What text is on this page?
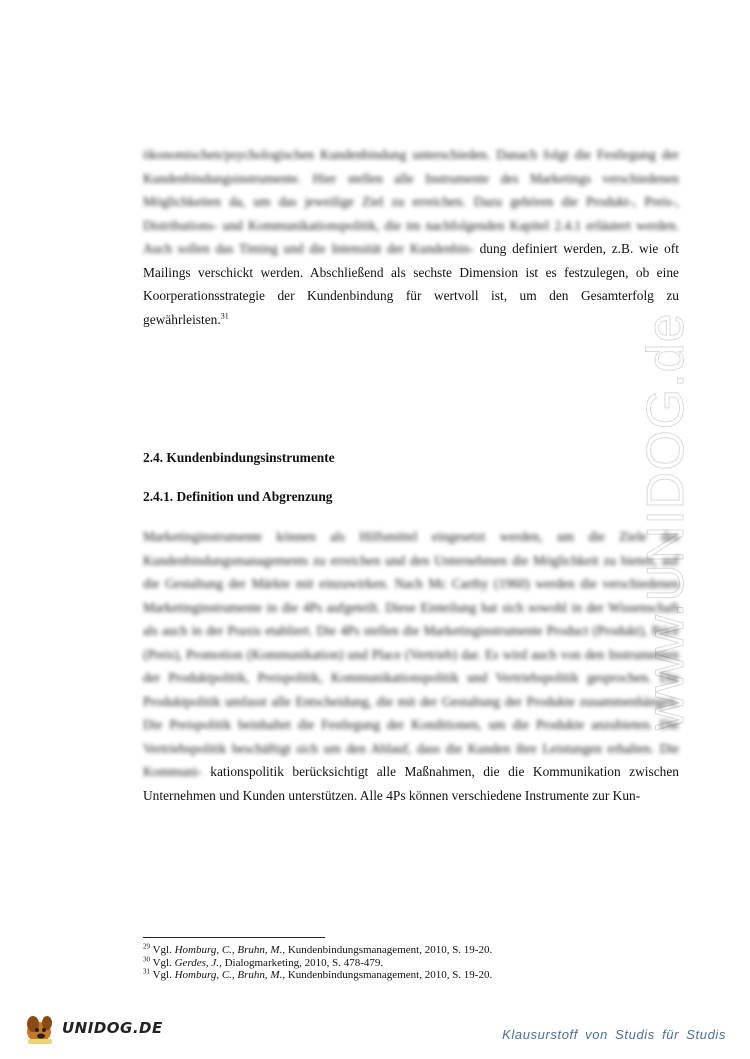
www.UNIDOG.de

ökonomischen/psychologischen Kundenbindung unterschieden. Danach folgt die Festlegung der Kundenbindungsinstrumente. Hier stellen alle Instrumente des Marketings verschiedenen Möglichkeiten da, um das jeweilige Ziel zu erreichen. Dazu gehören die Produkt-, Preis-, Distributions- und Kommunikationspolitik, die im nachfolgenden Kapitel 2.4.1 erläutert werden. Auch sollen das Timing und die Intensität der Kundenbin- dung definiert werden, z.B. wie oft Mailings verschickt werden. Abschließend als sechste Dimension ist es festzulegen, ob eine Koorperationsstrategie der Kundenbindung für wertvoll ist, um den Gesamterfolg zu gewährleisten.$^{31}$

2.4. Kundenbindungsinstrumente
2.4.1. Definition und Abgrenzung

Marketinginstrumente können als Hilfsmittel eingesetzt werden, um die Ziele des Kundenbindungsmanagements zu erreichen und den Unternehmen die Möglichkeit zu bieten, auf die Gestaltung der Märkte mit einzuwirken. Nach Mc Carthy (1960) werden die verschiedenen Marketinginstrumente in die 4Ps aufgeteilt. Diese Einteilung hat sich sowohl in der Wissenschaft als auch in der Praxis etabliert. Die 4Ps stellen die Marketinginstrumente Product (Produkt), Price (Preis), Promotion (Kommunikation) und Place (Vertrieb) dar. Es wird auch von den Instrumenten der Produktpolitik, Preispolitik, Kommunikationspolitik und Vertriebspolitik gesprochen. Die Produktpolitik umfasst alle Entscheidung, die mit der Gestaltung der Produkte zusammenhängen. Die Preispolitik beinhaltet die Festlegung der Konditionen, um die Produkte anzubieten. Die Vertriebspolitik beschäftigt sich um den Ablauf, dass die Kunden ihre Leistungen erhalten. Die Kommuni- kationspolitik berücksichtigt alle Maßnahmen, die die Kommunikation zwischen Unternehmen und Kunden unterstützen. Alle 4Ps können verschiedene Instrumente zur Kun-

$^{29}$ Vgl. Homburg, C., Bruhn, M., Kundenbindungsmanagement, 2010, S. 19-20.
$^{30}$ Vgl. Gerdes, J., Dialogmarketing, 2010, S. 478-479.
$^{31}$ Vgl. Homburg, C., Bruhn, M., Kundenbindungsmanagement, 2010, S. 19-20.
UNIDOG.DE	Klausurstoff von Studis für Studis
